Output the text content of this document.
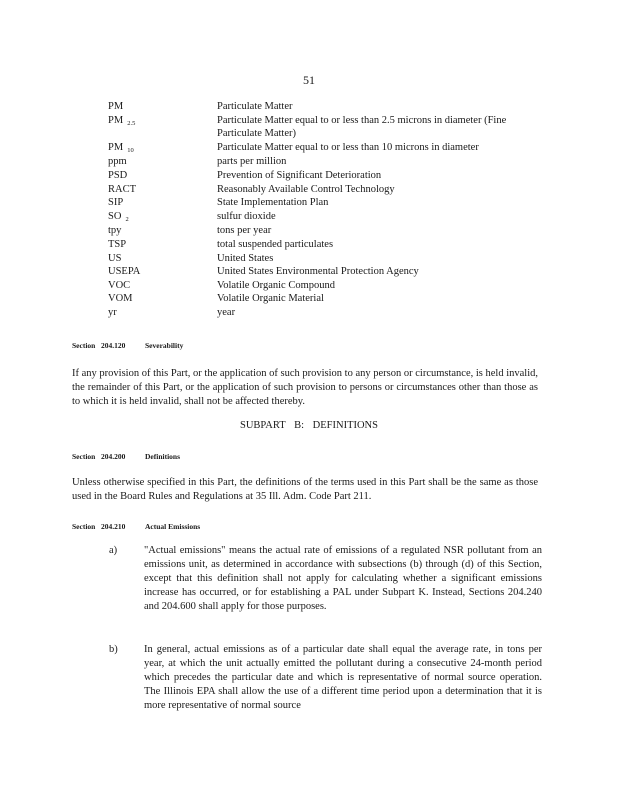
51
PM	Particulate Matter
PM 2.5	Particulate Matter equal to or less than 2.5 microns in diameter (Fine Particulate Matter)
PM 10	Particulate Matter equal to or less than 10 microns in diameter
ppm	parts per million
PSD	Prevention of Significant Deterioration
RACT	Reasonably Available Control Technology
SIP	State Implementation Plan
SO 2	sulfur dioxide
tpy	tons per year
TSP	total suspended particulates
US	United States
USEPA	United States Environmental Protection Agency
VOC	Volatile Organic Compound
VOM	Volatile Organic Material
yr	year
Section 204.120	Severability
If any provision of this Part, or the application of such provision to any person or circumstance, is held invalid, the remainder of this Part, or the application of such provision to persons or circumstances other than those as to which it is held invalid, shall not be affected thereby.
SUBPART B: DEFINITIONS
Section 204.200	Definitions
Unless otherwise specified in this Part, the definitions of the terms used in this Part shall be the same as those used in the Board Rules and Regulations at 35 Ill. Adm. Code Part 211.
Section 204.210	Actual Emissions
a)	"Actual emissions" means the actual rate of emissions of a regulated NSR pollutant from an emissions unit, as determined in accordance with subsections (b) through (d) of this Section, except that this definition shall not apply for calculating whether a significant emissions increase has occurred, or for establishing a PAL under Subpart K. Instead, Sections 204.240 and 204.600 shall apply for those purposes.
b)	In general, actual emissions as of a particular date shall equal the average rate, in tons per year, at which the unit actually emitted the pollutant during a consecutive 24-month period which precedes the particular date and which is representative of normal source operation. The Illinois EPA shall allow the use of a different time period upon a determination that it is more representative of normal source
